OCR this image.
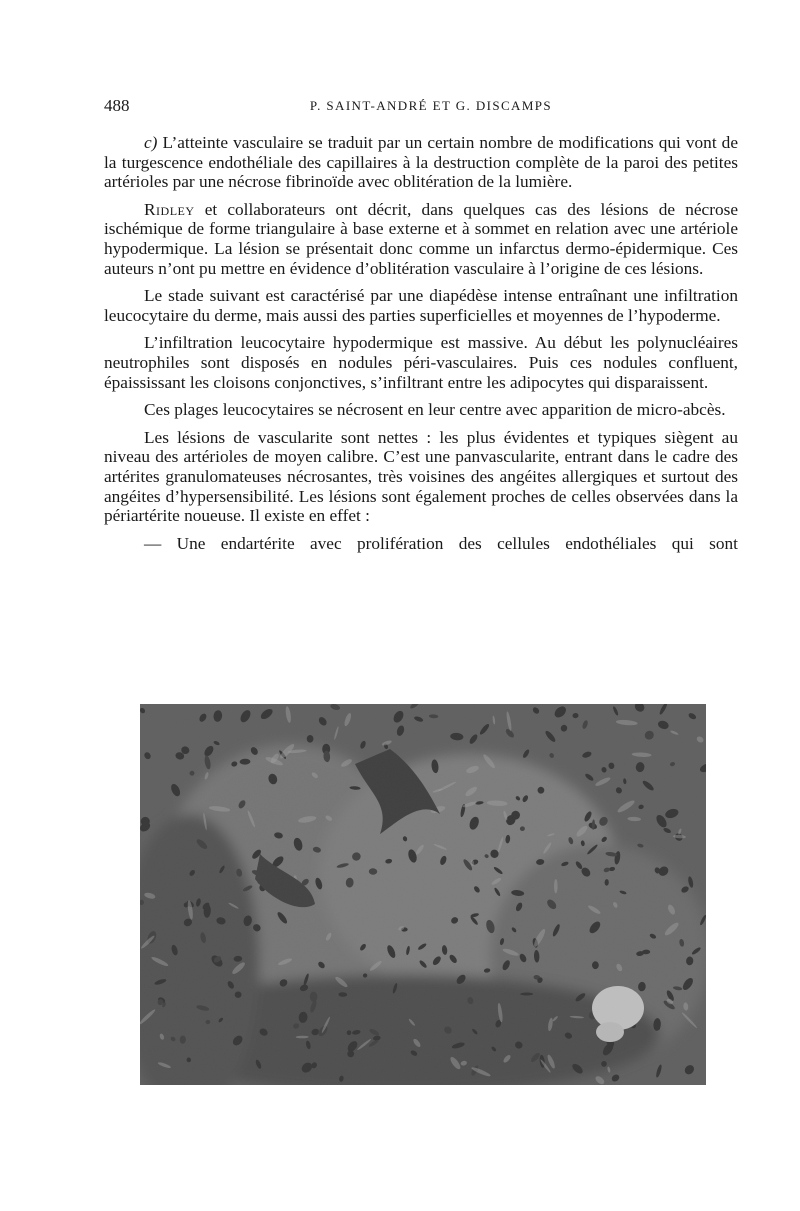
488	P. SAINT-ANDRÉ ET G. DISCAMPS

c) L’atteinte vasculaire se traduit par un certain nombre de modifications qui vont de la turgescence endothéliale des capillaires à la destruction complète de la paroi des petites artérioles par une nécrose fibrinoïde avec oblitération de la lumière.

Ridley et collaborateurs ont décrit, dans quelques cas des lésions de nécrose ischémique de forme triangulaire à base externe et à sommet en relation avec une artériole hypodermique. La lésion se présentait donc comme un infarctus dermo-épidermique. Ces auteurs n’ont pu mettre en évidence d’oblitération vasculaire à l’origine de ces lésions.

Le stade suivant est caractérisé par une diapédèse intense entraînant une infiltration leucocytaire du derme, mais aussi des parties superficielles et moyennes de l’hypoderme.

L’infiltration leucocytaire hypodermique est massive. Au début les polynucléaires neutrophiles sont disposés en nodules péri-vasculaires. Puis ces nodules confluent, épaississant les cloisons conjonctives, s’infiltrant entre les adipocytes qui disparaissent.

Ces plages leucocytaires se nécrosent en leur centre avec apparition de micro-abcès.

Les lésions de vascularite sont nettes : les plus évidentes et typiques siègent au niveau des artérioles de moyen calibre. C’est une panvascularite, entrant dans le cadre des artérites granulomateuses nécrosantes, très voisines des angéites allergiques et surtout des angéites d’hypersensibilité. Les lésions sont également proches de celles observées dans la périartérite noueuse. Il existe en effet :

— Une endartérite avec prolifération des cellules endothéliales qui sont
